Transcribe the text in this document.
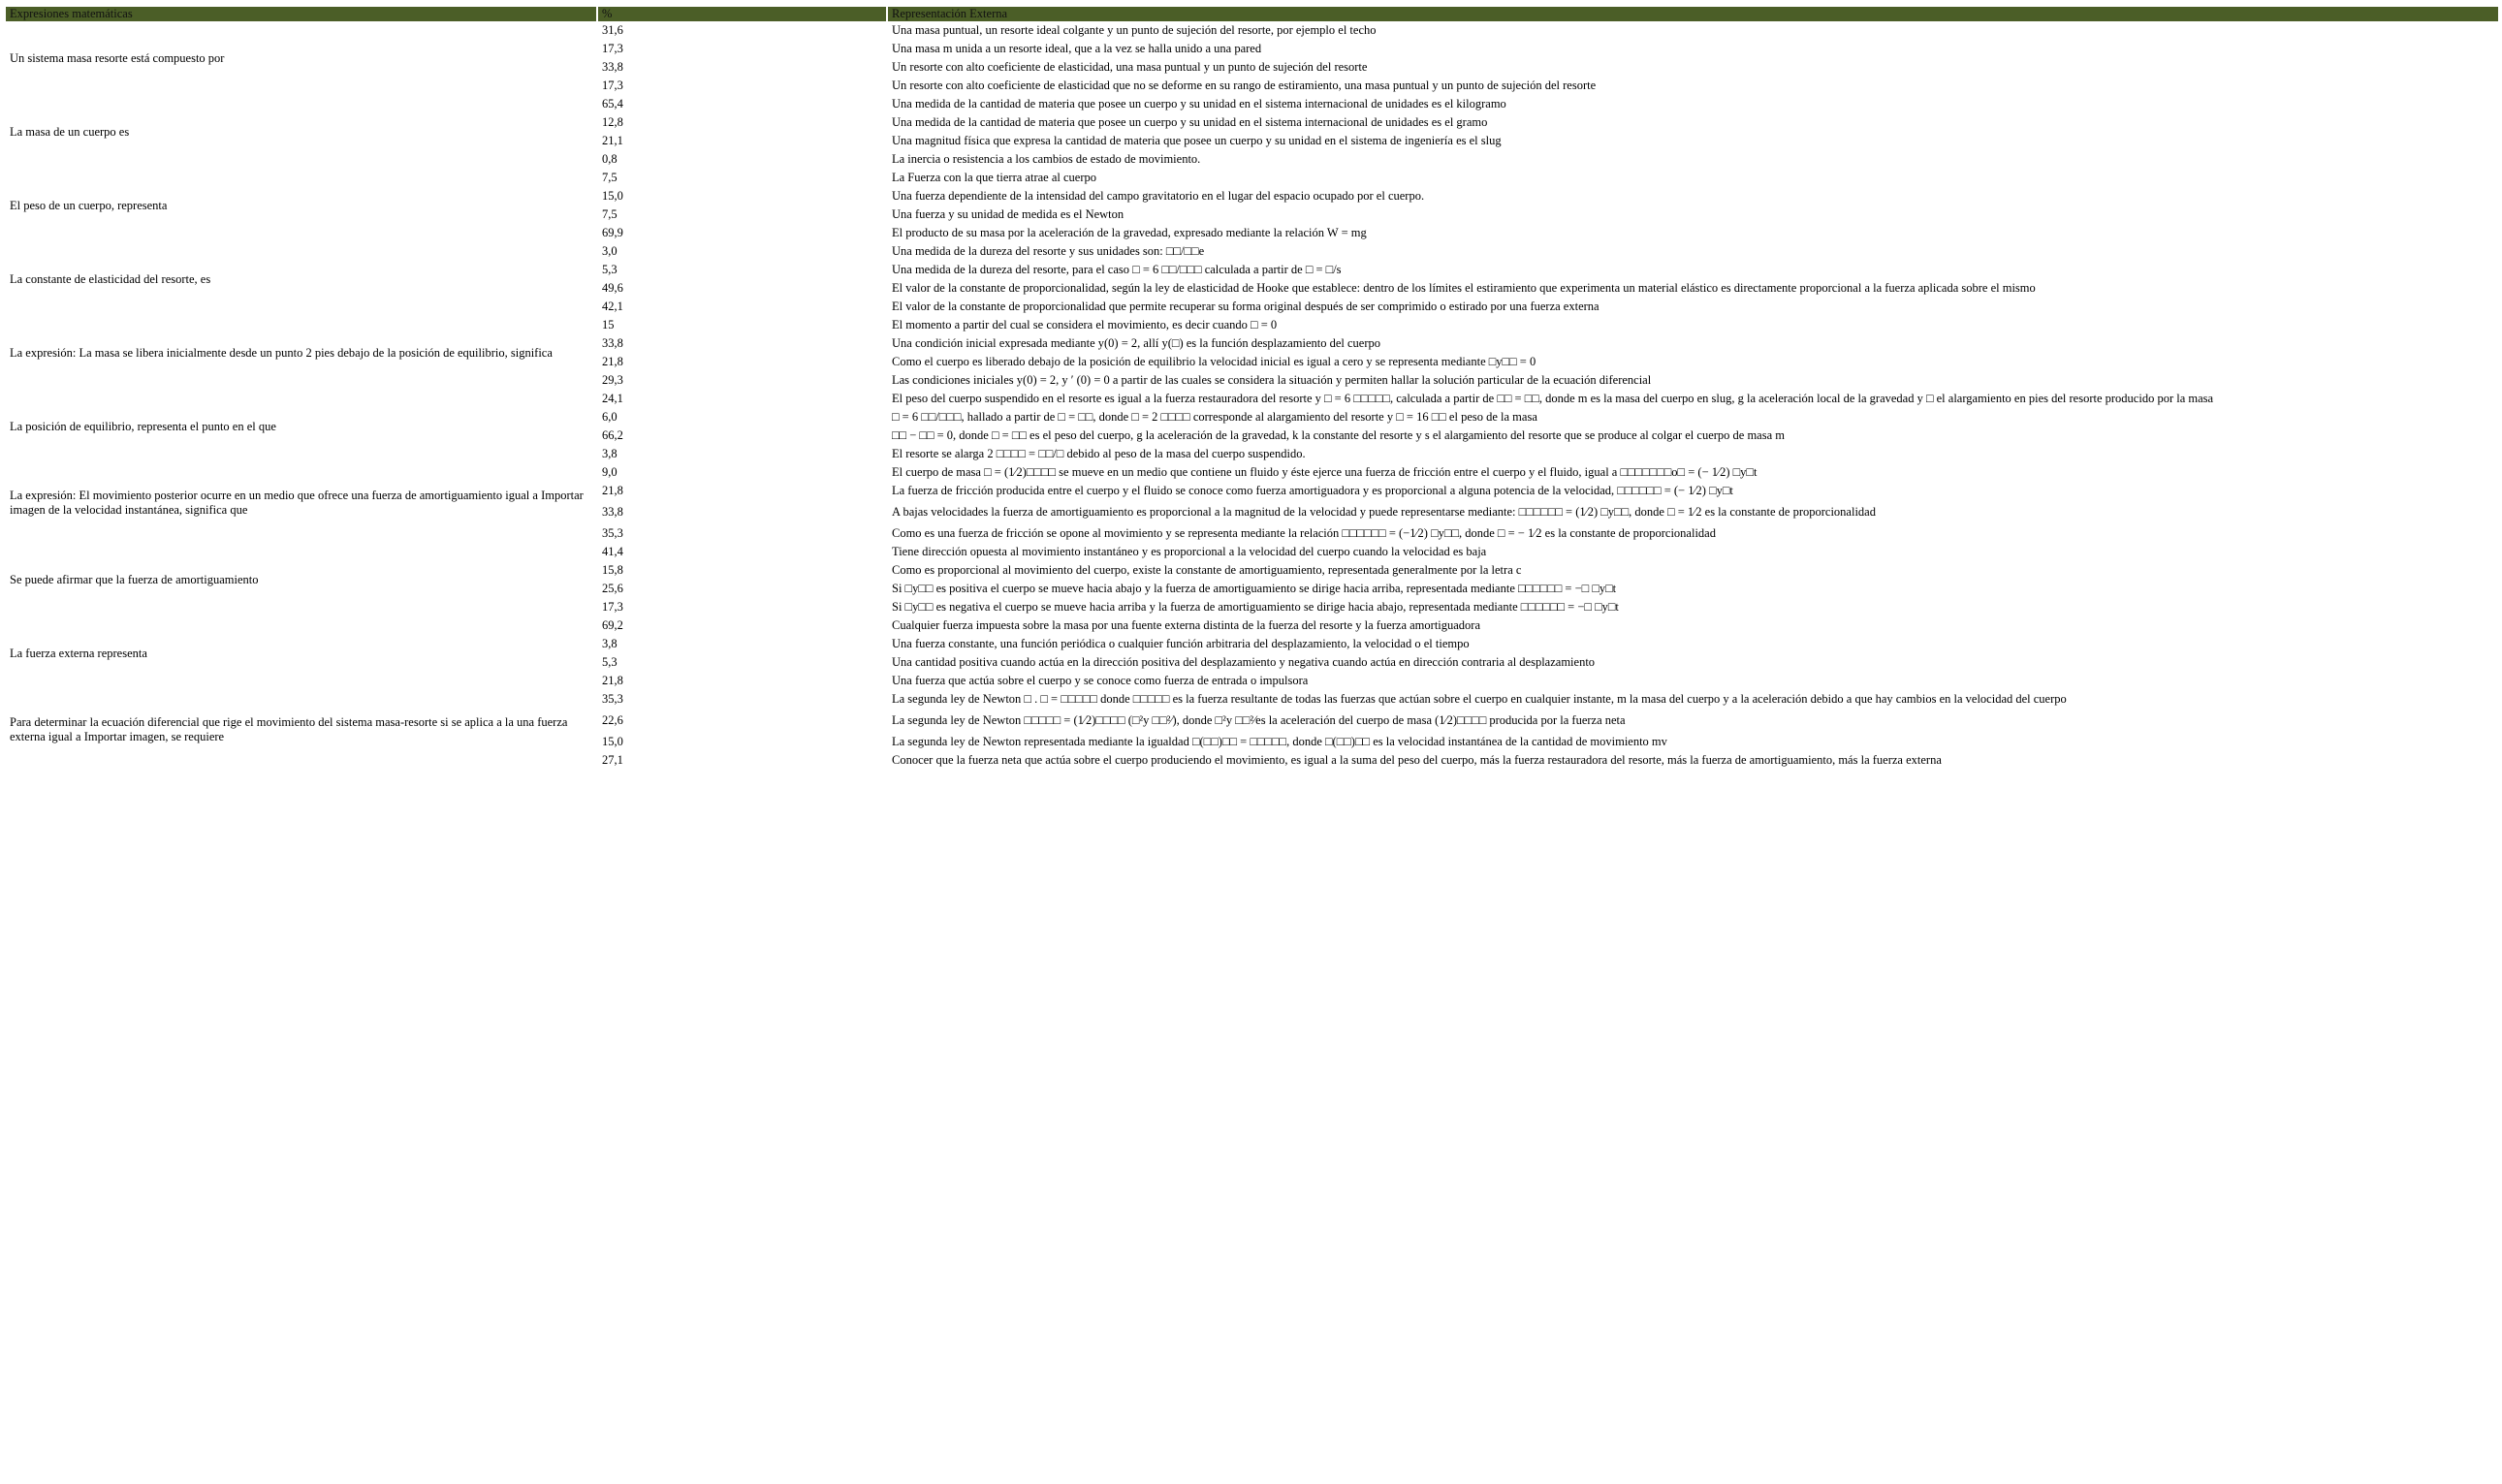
Expresiones matemáticas	%	Representación Externa
Un sistema masa resorte está compuesto por	31,6	Una masa puntual, un resorte ideal colgante y un punto de sujeción del resorte, por ejemplo el techo
	17,3	Una masa m unida a un resorte ideal, que a la vez se halla unido a una pared
	33,8	Un resorte con alto coeficiente de elasticidad, una masa puntual y un punto de sujeción del resorte
	17,3	Un resorte con alto coeficiente de elasticidad que no se deforme en su rango de estiramiento, una masa puntual y un punto de sujeción del resorte
La masa de un cuerpo es	65,4	Una medida de la cantidad de materia que posee un cuerpo y su unidad en el sistema internacional de unidades es el kilogramo
	12,8	Una medida de la cantidad de materia que posee un cuerpo y su unidad en el sistema internacional de unidades es el gramo
	21,1	Una magnitud física que expresa la cantidad de materia que posee un cuerpo y su unidad en el sistema de ingeniería es el slug
	0,8	La inercia o resistencia a los cambios de estado de movimiento.
El peso de un cuerpo, representa	7,5	La Fuerza con la que tierra atrae al cuerpo
	15,0	Una fuerza dependiente de la intensidad del campo gravitatorio en el lugar del espacio ocupado por el cuerpo.
	7,5	Una fuerza y su unidad de medida es el Newton
	69,9	El producto de su masa por la aceleración de la gravedad, expresado mediante la relación W = mg
La constante de elasticidad del resorte, es	3,0	Una medida de la dureza del resorte y sus unidades son: □□/□□e
	5,3	Una medida de la dureza del resorte, para el caso □ = 6 □□/□□□ calculada a partir de □ = □/s
	49,6	El valor de la constante de proporcionalidad, según la ley de elasticidad de Hooke que establece: dentro de los límites el estiramiento que experimenta un material elástico es directamente proporcional a la fuerza aplicada sobre el mismo
	42,1	El valor de la constante de proporcionalidad que permite recuperar su forma original después de ser comprimido o estirado por una fuerza externa
La expresión: La masa se libera inicialmente desde un punto 2 pies debajo de la posición de equilibrio, significa	15	El momento a partir del cual se considera el movimiento, es decir cuando □ = 0
	33,8	Una condición inicial expresada mediante y(0) = 2, allí y(□) es la función desplazamiento del cuerpo
	21,8	Como el cuerpo es liberado debajo de la posición de equilibrio la velocidad inicial es igual a cero y se representa mediante □y□□ = 0
	29,3	Las condiciones iniciales y(0) = 2, y ′ (0) = 0 a partir de las cuales se considera la situación y permiten hallar la solución particular de la ecuación diferencial
La posición de equilibrio, representa el punto en el que	24,1	El peso del cuerpo suspendido en el resorte es igual a la fuerza restauradora del resorte y □ = 6 □□□□□, calculada a partir de □□ = □□, donde m es la masa del cuerpo en slug, g la aceleración local de la gravedad y □ el alargamiento en pies del resorte producido por la masa
	6,0	□ = 6 □□/□□□, hallado a partir de □ = □□, donde □ = 2 □□□□ corresponde al alargamiento del resorte y □ = 16 □□ el peso de la masa
	66,2	□□ − □□ = 0, donde □ = □□ es el peso del cuerpo, g la aceleración de la gravedad, k la constante del resorte y s el alargamiento del resorte que se produce al colgar el cuerpo de masa m
	3,8	El resorte se alarga 2 □□□□ = □□/□ debido al peso de la masa del cuerpo suspendido.
La expresión: El movimiento posterior ocurre en un medio que ofrece una fuerza de amortiguamiento igual a Importar imagen de la velocidad instantánea, significa que	9,0	El cuerpo de masa □ = (1⁄2)□□□□ se mueve en un medio que contiene un fluido y éste ejerce una fuerza de fricción entre el cuerpo y el fluido, igual a □□□□□□□o□ = (− 1⁄2) □y□t
	21,8	La fuerza de fricción producida entre el cuerpo y el fluido se conoce como fuerza amortiguadora y es proporcional a alguna potencia de la velocidad, □□□□□□ = (− 1⁄2) □y□t
	33,8	A bajas velocidades la fuerza de amortiguamiento es proporcional a la magnitud de la velocidad y puede representarse mediante: □□□□□□ = (1⁄2) □y□□, donde □ = 1⁄2 es la constante de proporcionalidad
	35,3	Como es una fuerza de fricción se opone al movimiento y se representa mediante la relación □□□□□□ = (−1⁄2) □y□□, donde □ = − 1⁄2 es la constante de proporcionalidad
Se puede afirmar que la fuerza de amortiguamiento	41,4	Tiene dirección opuesta al movimiento instantáneo y es proporcional a la velocidad del cuerpo cuando la velocidad es baja
	15,8	Como es proporcional al movimiento del cuerpo, existe la constante de amortiguamiento, representada generalmente por la letra c
	25,6	Si □y□□ es positiva el cuerpo se mueve hacia abajo y la fuerza de amortiguamiento se dirige hacia arriba, representada mediante □□□□□□ = −□ □y□t
	17,3	Si □y□□ es negativa el cuerpo se mueve hacia arriba y la fuerza de amortiguamiento se dirige hacia abajo, representada mediante □□□□□□ = −□ □y□t
La fuerza externa representa	69,2	Cualquier fuerza impuesta sobre la masa por una fuente externa distinta de la fuerza del resorte y la fuerza amortiguadora
	3,8	Una fuerza constante, una función periódica o cualquier función arbitraria del desplazamiento, la velocidad o el tiempo
	5,3	Una cantidad positiva cuando actúa en la dirección positiva del desplazamiento y negativa cuando actúa en dirección contraria al desplazamiento
	21,8	Una fuerza que actúa sobre el cuerpo y se conoce como fuerza de entrada o impulsora
Para determinar la ecuación diferencial que rige el movimiento del sistema masa-resorte si se aplica a la una fuerza externa igual a Importar imagen, se requiere	35,3	La segunda ley de Newton □ . □ = □□□□□ donde □□□□□ es la fuerza resultante de todas las fuerzas que actúan sobre el cuerpo en cualquier instante, m la masa del cuerpo y a la aceleración debido a que hay cambios en la velocidad del cuerpo
	22,6	La segunda ley de Newton □□□□□ = (1⁄2)□□□□ (□²y □□²⁄), donde □²y □□²⁄es la aceleración del cuerpo de masa (1⁄2)□□□□ producida por la fuerza neta
	15,0	La segunda ley de Newton representada mediante la igualdad □(□□)□□ = □□□□□, donde □(□□)□□ es la velocidad instantánea de la cantidad de movimiento mv
	27,1	Conocer que la fuerza neta que actúa sobre el cuerpo produciendo el movimiento, es igual a la suma del peso del cuerpo, más la fuerza restauradora del resorte, más la fuerza de amortiguamiento, más la fuerza externa
